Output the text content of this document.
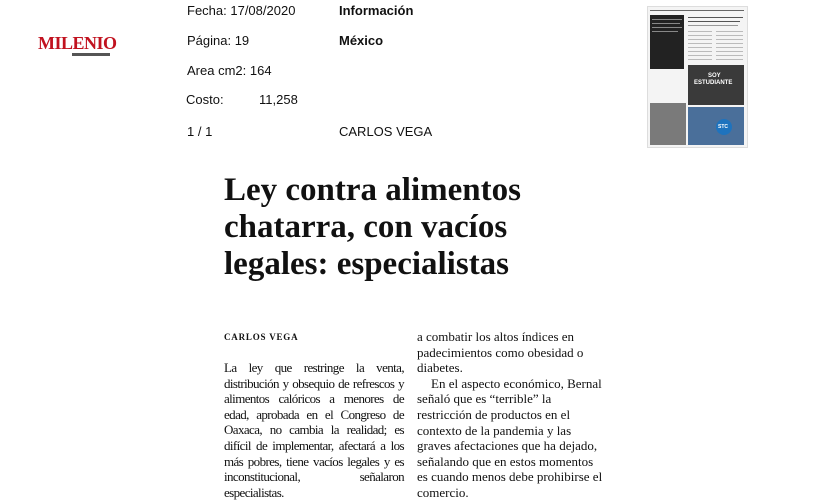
MILENIO
Fecha: 17/08/2020
Página: 19
Area cm2: 164
Costo:	11,258
1 / 1
Información
México
CARLOS VEGA
SOY
ESTUDIANTE
STC
Ley contra alimentos chatarra, con vacíos legales: especialistas
CARLOS VEGA

La ley que restringe la venta, distribución y obsequio de refrescos y alimentos calóricos a menores de edad, aprobada en el Congreso de Oaxaca, no cambia la realidad; es difícil de implementar, afectará a los más pobres, tiene vacíos legales y es inconstitucional, señalaron especialistas.

a combatir los altos índices en padecimientos como obesidad o diabetes.

En el aspecto económico, Bernal señaló que es “terrible” la restricción de productos en el contexto de la pandemia y las graves afectaciones que ha dejado, señalando que en estos momentos es cuando menos debe prohibirse el comercio.
